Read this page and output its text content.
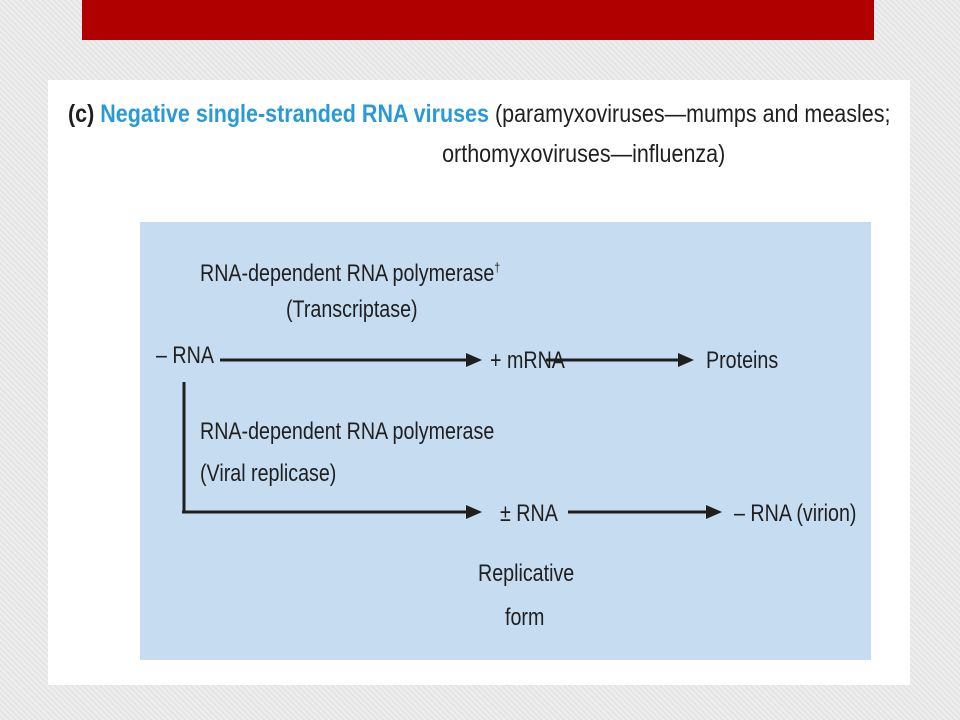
(c) Negative single-stranded RNA viruses (paramyxoviruses—mumps and measles;
orthomyxoviruses—influenza)
RNA-dependent RNA polymerase†
(Transcriptase)
– RNA	+ mRNA	Proteins
RNA-dependent RNA polymerase
(Viral replicase)
± RNA	– RNA (virion)
Replicative
form
